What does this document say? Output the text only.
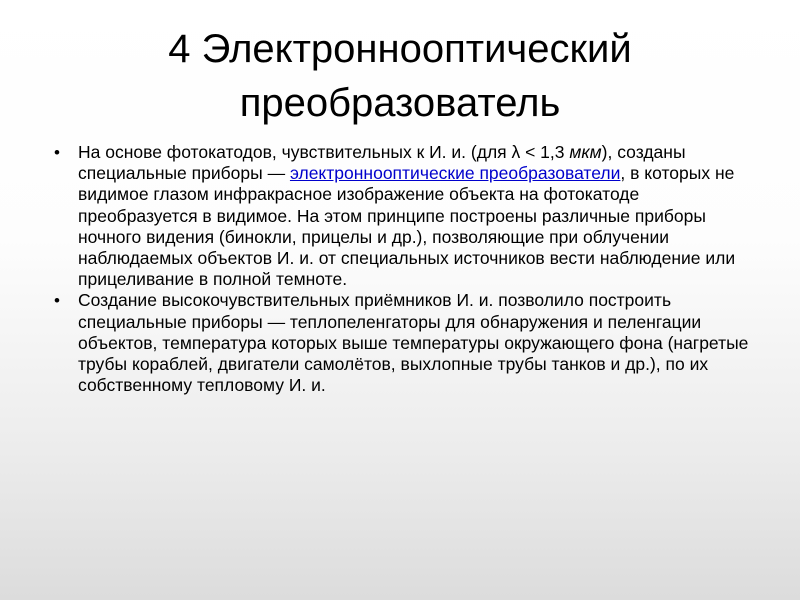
4 Электроннооптический
преобразователь
• На основе фотокатодов, чувствительных к И. и. (для λ < 1,3 мкм), созданы специальные приборы — электроннооптические преобразователи, в которых не видимое глазом инфракрасное изображение объекта на фотокатоде преобразуется в видимое. На этом принципе построены различные приборы ночного видения (бинокли, прицелы и др.), позволяющие при облучении наблюдаемых объектов И. и. от специальных источников вести наблюдение или прицеливание в полной темноте.
• Создание высокочувствительных приёмников И. и. позволило построить специальные приборы — теплопеленгаторы для обнаружения и пеленгации объектов, температура которых выше температуры окружающего фона (нагретые трубы кораблей, двигатели самолётов, выхлопные трубы танков и др.), по их собственному тепловому И. и.
